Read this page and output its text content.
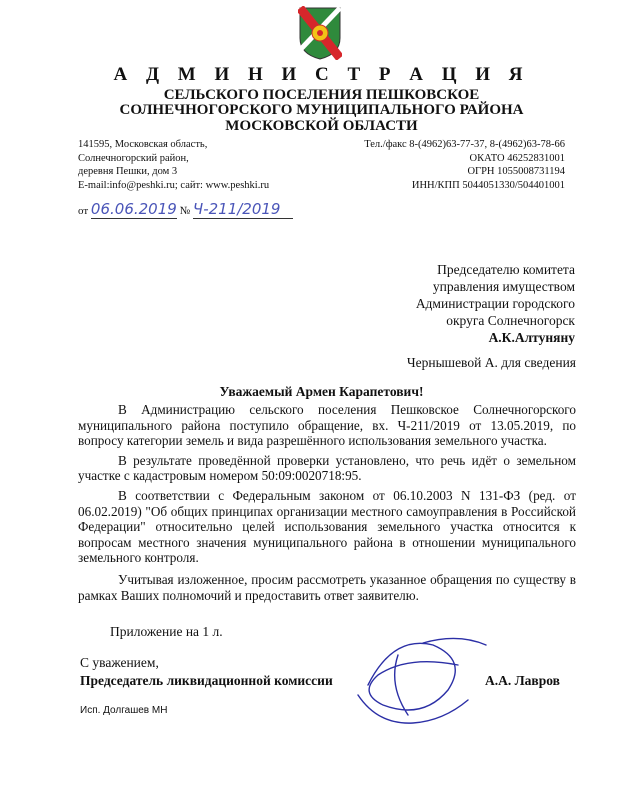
А Д М И Н И С Т Р А Ц И Я
СЕЛЬСКОГО ПОСЕЛЕНИЯ ПЕШКОВСКОЕ
СОЛНЕЧНОГОРСКОГО МУНИЦИПАЛЬНОГО РАЙОНА
МОСКОВСКОЙ ОБЛАСТИ
141595, Московская область,
Солнечногорский район,
деревня Пешки, дом 3
E-mail:info@peshki.ru; сайт: www.peshki.ru
Тел./факс 8-(4962)63-77-37, 8-(4962)63-78-66
ОКАТО 46252831001
ОГРН 1055008731194
ИНН/КПП 5044051330/504401001
от 06.06.2019 № Ч-211/2019
Председателю комитета
управления имуществом
Администрации городского
округа Солнечногорск
А.К.Алтуняну
Чернышевой А. для сведения
Уважаемый Армен Карапетович!

В Администрацию сельского поселения Пешковское Солнечногорского муниципального района поступило обращение, вх. Ч-211/2019 от 13.05.2019, по вопросу категории земель и вида разрешённого использования земельного участка.

В результате проведённой проверки установлено, что речь идёт о земельном участке с кадастровым номером 50:09:0020718:95.

В соответствии с Федеральным законом от 06.10.2003 N 131-ФЗ (ред. от 06.02.2019) "Об общих принципах организации местного самоуправления в Российской Федерации" относительно целей использования земельного участка относится к вопросам местного значения муниципального района в отношении муниципального земельного контроля.

Учитывая изложенное, просим рассмотреть указанное обращения по существу в рамках Ваших полномочий и предоставить ответ заявителю.

Приложение на 1 л.
С уважением,
Председатель ликвидационной комиссии	А.А. Лавров
Исп. Долгашев МН
